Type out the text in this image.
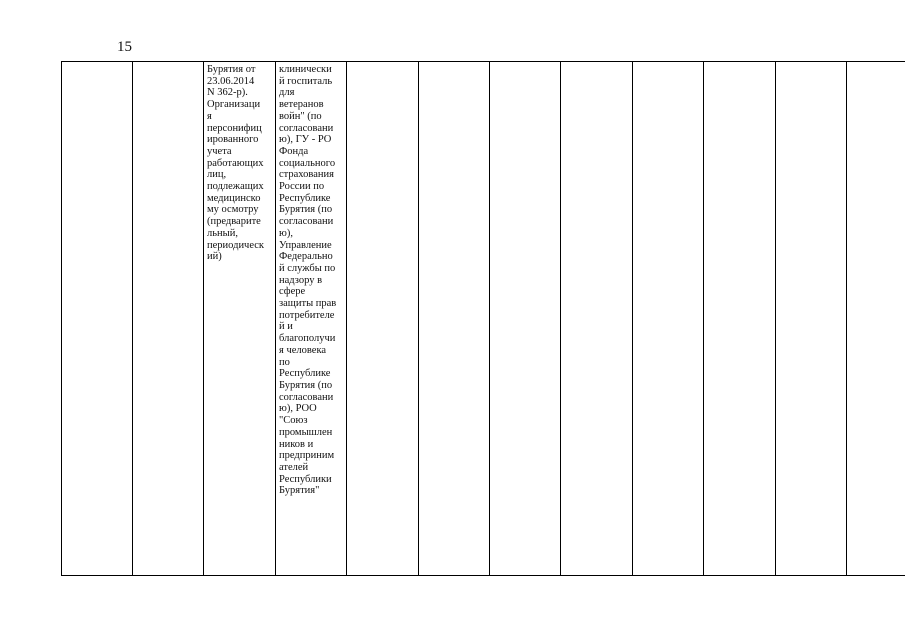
15
		Бурятия от
23.06.2014
N 362-р).
Организаци
я
персонифиц
ированного
учета
работающих
лиц,
подлежащих
медицинско
му осмотру
(предварите
льный,
периодическ
ий)	клинически
й госпиталь
для
ветеранов
войн" (по
согласовани
ю), ГУ - РО
Фонда
социального
страхования
России по
Республике
Бурятия (по
согласовани
ю),
Управление
Федерально
й службы по
надзору в
сфере
защиты прав
потребителе
й и
благополучи
я человека
по
Республике
Бурятия (по
согласовани
ю), РОО
"Союз
промышлен
ников и
предприним
ателей
Республики
Бурятия"								
